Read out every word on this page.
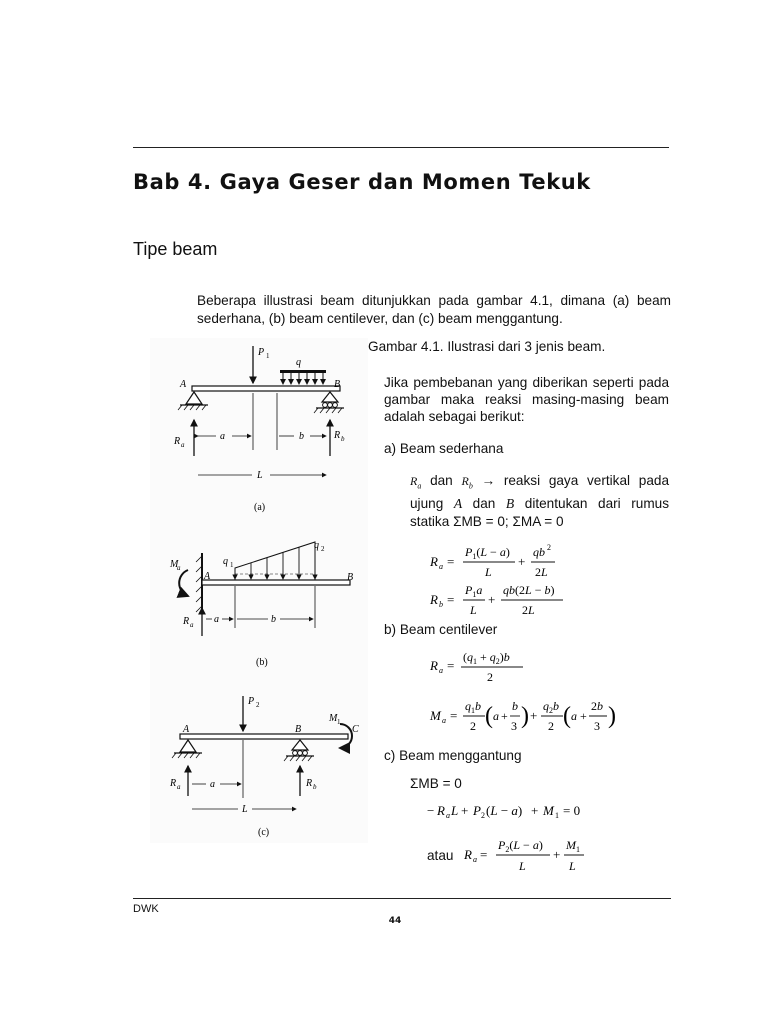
Bab 4. Gaya Geser dan Momen Tekuk
Tipe beam
Beberapa illustrasi beam ditunjukkan pada gambar 4.1, dimana (a) beam sederhana, (b) beam centilever, dan (c) beam menggantung.
P 1
q
A	B
R a
R b
a	b
L
(a)
q 1
q 2
B
A
M
a
R a a	b
(b)
P 2
A	B	C
M 1
R a	R b
a
L
(c)
Gambar 4.1. Ilustrasi dari 3 jenis beam.
Jika pembebanan yang diberikan seperti pada gambar maka reaksi masing-masing beam adalah sebagai berikut:
a) Beam sederhana
$R_a$ dan $R_b$ → reaksi gaya vertikal pada ujung A dan B ditentukan dari rumus statika ΣMB = 0; ΣMA = 0
R a =
$P_1(L - a)$
L
+
qb 2
2L
R b =
$P_1a$
L
+
qb(2L − b)
2L
b) Beam centilever
R a =
$(q_1 + q_2)b$
2
M a =
$q_1b$
2 ( a +
b
3 ) +
$q_2b$
2 ( a +
2b
3 )
c) Beam menggantung
ΣMB = 0
− R a L + P 2 (L − a) + M 1 = 0
atau R a =
$P_2(L - a)$
L
+
$M_1$
L
DWK
44
